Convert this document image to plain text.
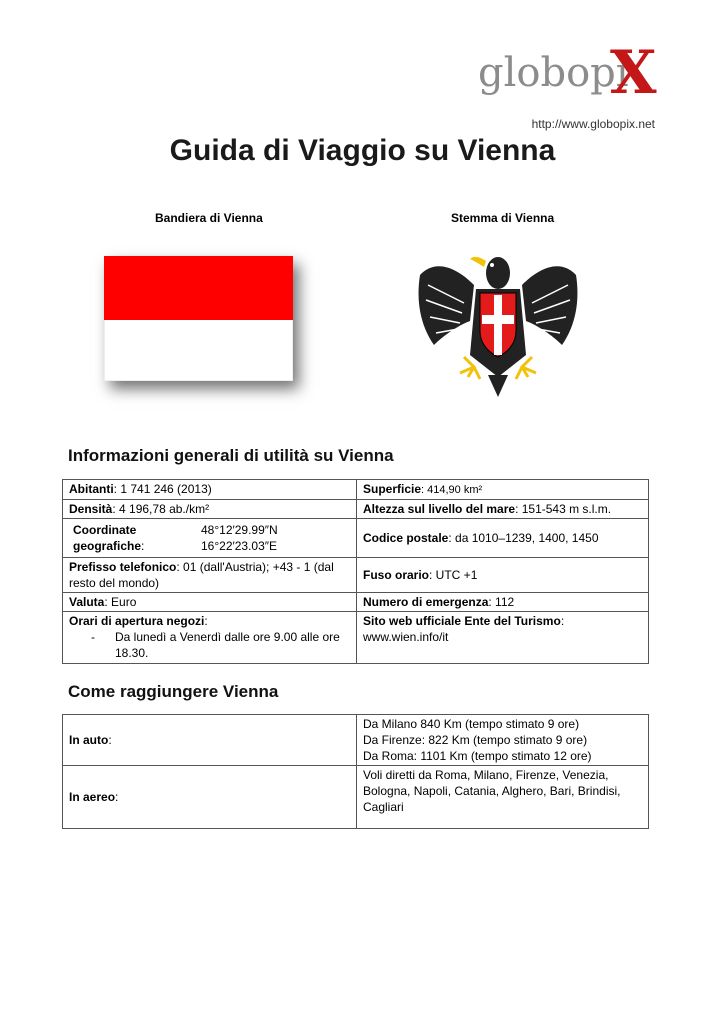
globopi
X
http://www.globopix.net
Guida di Viaggio su Vienna
Bandiera di Vienna	Stemma di Vienna
Informazioni generali di utilità su Vienna
Abitanti: 1 741 246 (2013)	Superficie: 414,90 km²
Densità: 4 196,78 ab./km²	Altezza sul livello del mare: 151-543 m s.l.m.

Coordinate 48°12′29.99″N
geografiche: 16°22′23.03″E	Codice postale: da 1010–1239, 1400, 1450
Prefisso telefonico: 01 (dall'Austria); +43 - 1 (dal resto del mondo)	Fuso orario: UTC +1
Valuta: Euro	Numero di emergenza: 112
Orari di apertura negozi:
- Da lunedì a Venerdì dalle ore 9.00 alle ore 18.30.	Sito web ufficiale Ente del Turismo:
www.wien.info/it
Come raggiungere Vienna
In auto:	Da Milano 840 Km (tempo stimato 9 ore)
Da Firenze: 822 Km (tempo stimato 9 ore)
Da Roma: 1101 Km (tempo stimato 12 ore)

In aereo:	Voli diretti da Roma, Milano, Firenze, Venezia, Bologna, Napoli, Catania, Alghero, Bari, Brindisi, Cagliari
